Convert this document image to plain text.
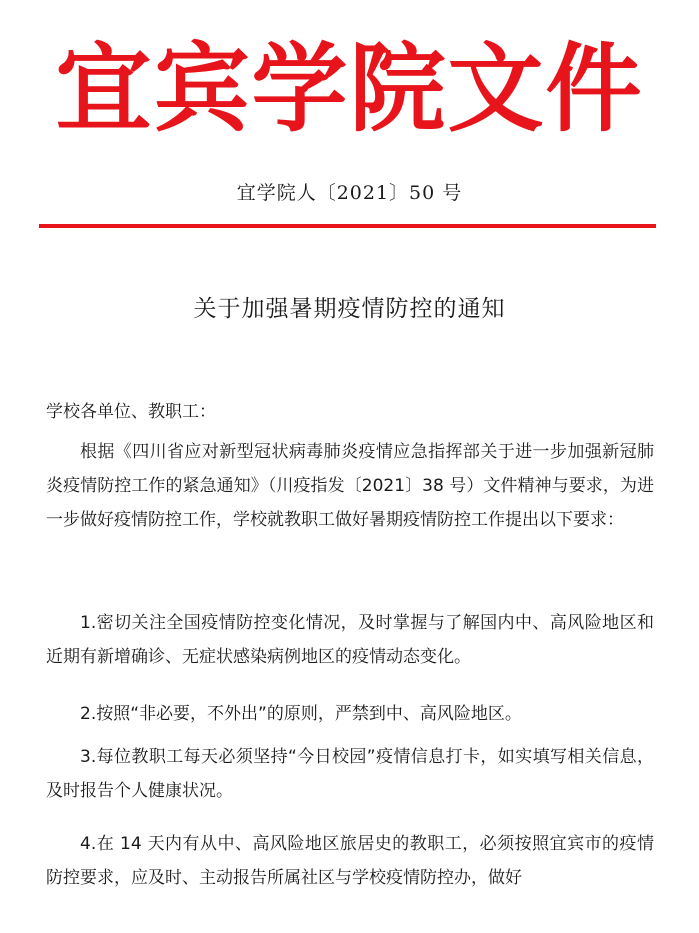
宜宾学院文件
宜学院人〔2021〕50 号
关于加强暑期疫情防控的通知

学校各单位、教职工：

根据《四川省应对新型冠状病毒肺炎疫情应急指挥部关于进一步加强新冠肺炎疫情防控工作的紧急通知》（川疫指发〔2021〕38 号）文件精神与要求，为进一步做好疫情防控工作，学校就教职工做好暑期疫情防控工作提出以下要求：

1.密切关注全国疫情防控变化情况，及时掌握与了解国内中、高风险地区和近期有新增确诊、无症状感染病例地区的疫情动态变化。

2.按照“非必要，不外出”的原则，严禁到中、高风险地区。

3.每位教职工每天必须坚持“今日校园”疫情信息打卡，如实填写相关信息，及时报告个人健康状况。

4.在 14 天内有从中、高风险地区旅居史的教职工，必须按照宜宾市的疫情防控要求，应及时、主动报告所属社区与学校疫情防控办，做好
